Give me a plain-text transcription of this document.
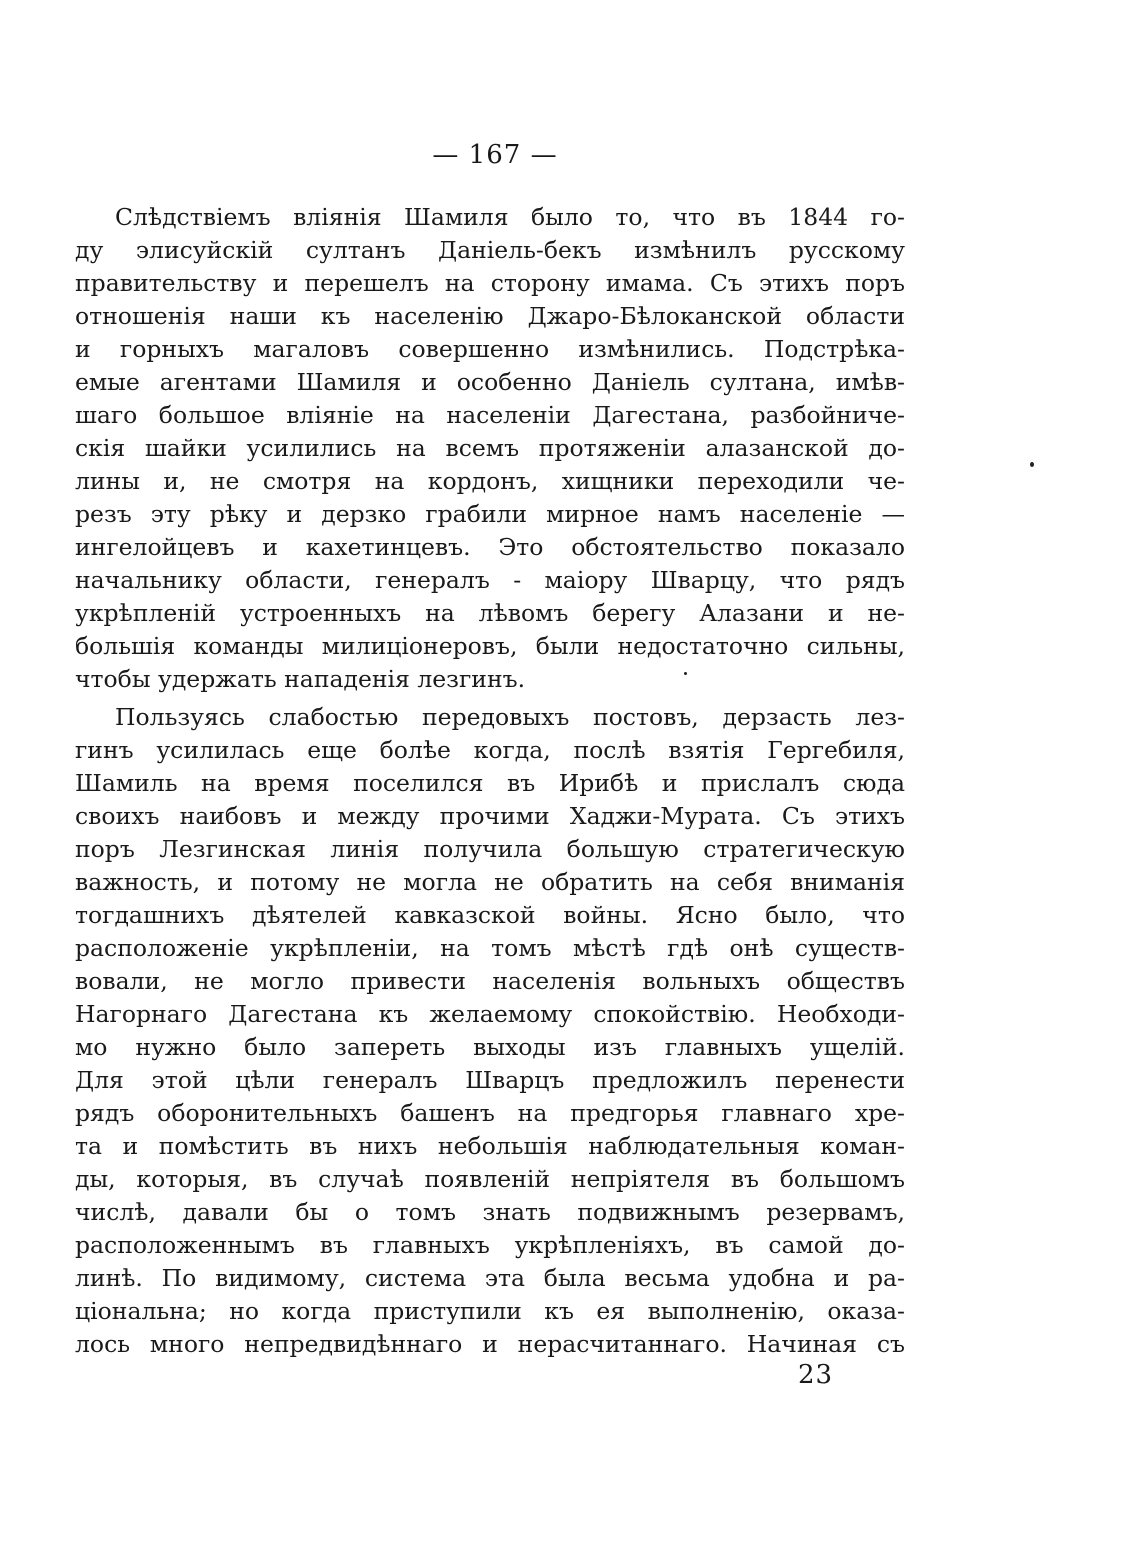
— 167 —
Слѣдствіемъ вліянія Шамиля было то, что въ 1844 го-
ду элисуйскій султанъ Даніель-бекъ измѣнилъ русскому
правительству и перешелъ на сторону имама. Съ этихъ поръ
отношенія наши къ населенію Джаро-Бѣлоканской области
и горныхъ магаловъ совершенно измѣнились. Подстрѣка-
емые агентами Шамиля и особенно Даніель султана, имѣв-
шаго большое вліяніе на населеніи Дагестана, разбойниче-
скія шайки усилились на всемъ протяженіи алазанской до-
лины и, не смотря на кордонъ, хищники переходили че-
резъ эту рѣку и дерзко грабили мирное намъ населеніе —
ингелойцевъ и кахетинцевъ. Это обстоятельство показало
начальнику области, генералъ - маіору Шварцу, что рядъ
укрѣпленій устроенныхъ на лѣвомъ берегу Алазани и не-
большія команды милиціонеровъ, были недостаточно сильны,
чтобы удержать нападенія лезгинъ.
Пользуясь слабостью передовыхъ постовъ, дерзасть лез-
гинъ усилилась еще болѣе когда, послѣ взятія Гергебиля,
Шамиль на время поселился въ Ирибѣ и прислалъ сюда
своихъ наибовъ и между прочими Хаджи-Мурата. Съ этихъ
поръ Лезгинская линія получила большую стратегическую
важность, и потому не могла не обратить на себя вниманія
тогдашнихъ дѣятелей кавказской войны. Ясно было, что
расположеніе укрѣпленіи, на томъ мѣстѣ гдѣ онѣ существ-
вовали, не могло привести населенія вольныхъ обществъ
Нагорнаго Дагестана къ желаемому спокойствію. Необходи-
мо нужно было запереть выходы изъ главныхъ ущелій.
Для этой цѣли генералъ Шварцъ предложилъ перенести
рядъ оборонительныхъ башенъ на предгорья главнаго хре-
та и помѣстить въ нихъ небольшія наблюдательныя коман-
ды, которыя, въ случаѣ появленій непріятеля въ большомъ
числѣ, давали бы о томъ знать подвижнымъ резервамъ,
расположеннымъ въ главныхъ укрѣпленіяхъ, въ самой до-
линѣ. По видимому, система эта была весьма удобна и ра-
ціональна; но когда приступили къ ея выполненію, оказа-
лось много непредвидѣннаго и нерасчитаннаго. Начиная съ
23
